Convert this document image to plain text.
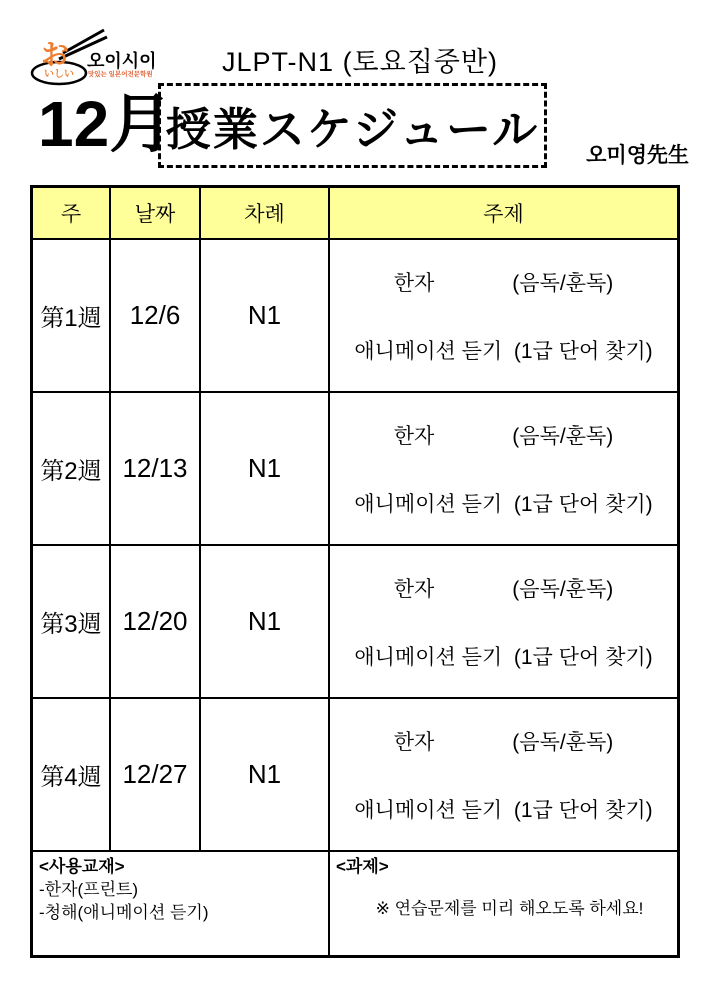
いしい
お 오이시이
맛있는 일본어전문학원	JLPT-N1 (토요집중반)
12月
授業スケジュール
오미영先生
주	날짜	차례	주제
第1週	12/6	N1
한자	(음독/훈독)
애니메이션 듣기  (1급 단어 찾기)
第2週 12/13	N1
한자	(음독/훈독)
애니메이션 듣기  (1급 단어 찾기)
第3週 12/20	N1
한자	(음독/훈독)
애니메이션 듣기  (1급 단어 찾기)
第4週 12/27	N1
한자	(음독/훈독)
애니메이션 듣기  (1급 단어 찾기)
<사용교재>
-한자(프린트)
-청해(애니메이션 듣기)
<과제>
※ 연습문제를 미리 해오도록 하세요!
